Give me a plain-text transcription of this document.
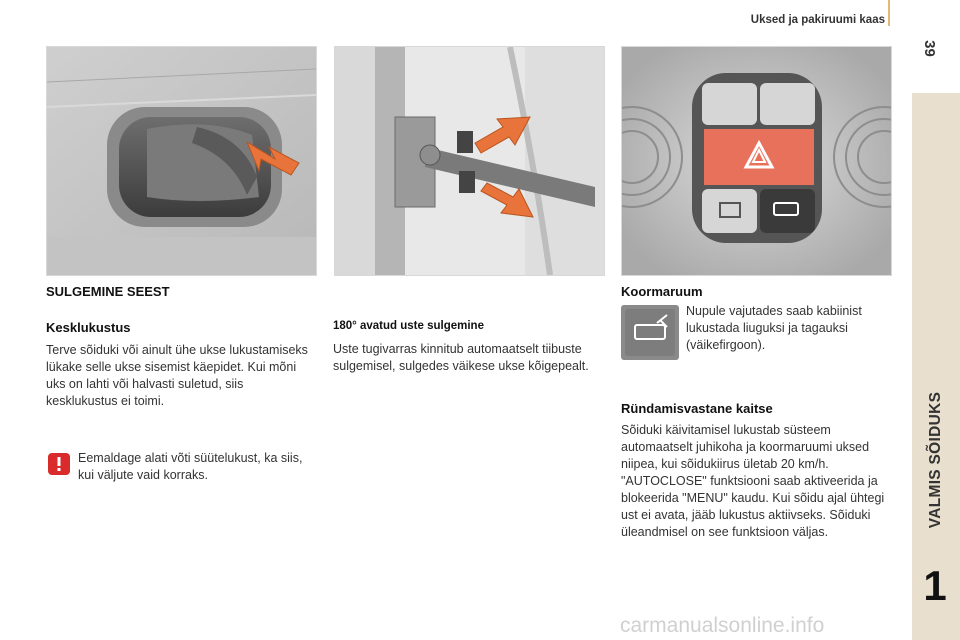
Uksed ja pakiruumi kaas
39
VALMIS SÕIDUKS
1
SULGEMINE SEEST
Kesklukustus
Terve sõiduki või ainult ühe ukse lukustamiseks lükake selle ukse sisemist käepidet. Kui mõni uks on lahti või halvasti suletud, siis kesklukustus ei toimi.
Eemaldage alati võti süütelukust, ka siis, kui väljute vaid korraks.
180° avatud uste sulgemine
Uste tugivarras kinnitub automaatselt tiibuste sulgemisel, sulgedes väikese ukse kõigepealt.
Koormaruum
Nupule vajutades saab kabiinist lukustada liuguksi ja tagauksi (väikefirgoon).
Ründamisvastane kaitse
Sõiduki käivitamisel lukustab süsteem automaatselt juhikoha ja koormaruumi uksed niipea, kui sõidukiirus ületab 20 km/h. "AUTOCLOSE" funktsiooni saab aktiveerida ja blokeerida "MENU" kaudu. Kui sõidu ajal ühtegi ust ei avata, jääb lukustus aktiivseks. Sõiduki üleandmisel on see funktsioon väljas.
carmanualsonline.info
